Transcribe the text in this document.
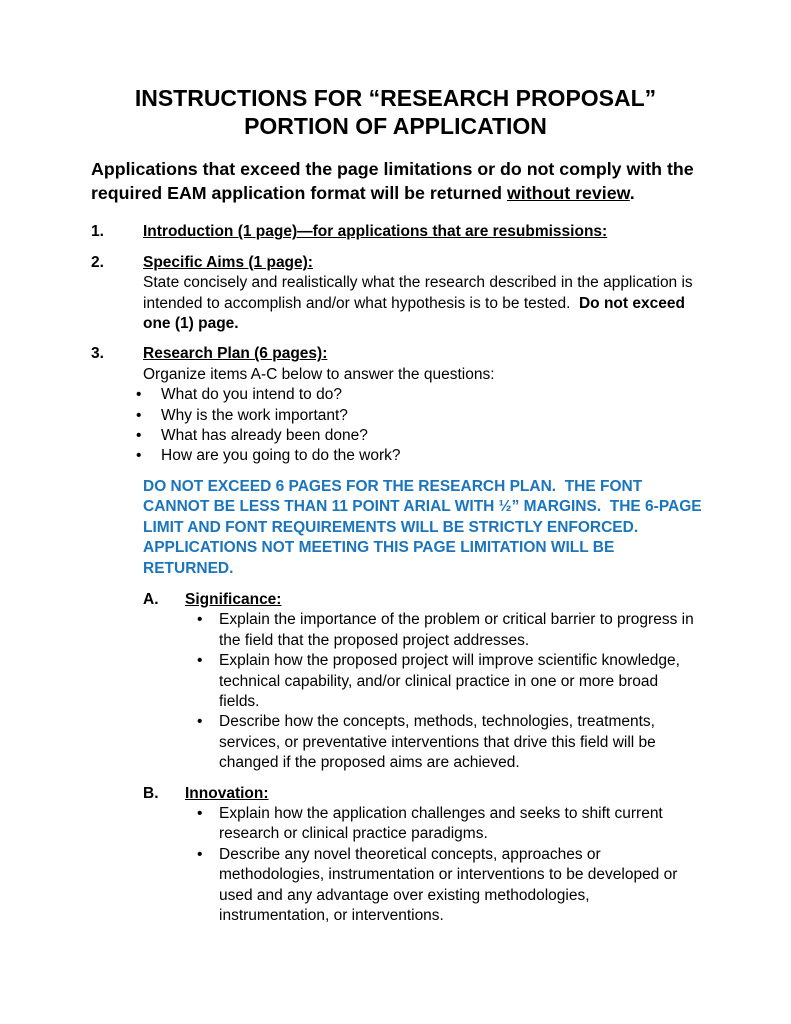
INSTRUCTIONS FOR “RESEARCH PROPOSAL”
PORTION OF APPLICATION

Applications that exceed the page limitations or do not comply with the required EAM application format will be returned without review.

1.	Introduction (1 page)—for applications that are resubmissions:
2.	Specific Aims (1 page):

State concisely and realistically what the research described in the application is intended to accomplish and/or what hypothesis is to be tested.  Do not exceed one (1) page.

3.	Research Plan (6 pages):

Organize items A-C below to answer the questions:

• What do you intend to do?
• Why is the work important?
• What has already been done?
• How are you going to do the work?

DO NOT EXCEED 6 PAGES FOR THE RESEARCH PLAN.  THE FONT CANNOT BE LESS THAN 11 POINT ARIAL WITH ½” MARGINS.  THE 6-PAGE LIMIT AND FONT REQUIREMENTS WILL BE STRICTLY ENFORCED.  APPLICATIONS NOT MEETING THIS PAGE LIMITATION WILL BE RETURNED.

A.	Significance:
• Explain the importance of the problem or critical barrier to progress in the field that the proposed project addresses.
• Explain how the proposed project will improve scientific knowledge, technical capability, and/or clinical practice in one or more broad fields.
• Describe how the concepts, methods, technologies, treatments, services, or preventative interventions that drive this field will be changed if the proposed aims are achieved.
B.	Innovation:
• Explain how the application challenges and seeks to shift current research or clinical practice paradigms.
• Describe any novel theoretical concepts, approaches or methodologies, instrumentation or interventions to be developed or used and any advantage over existing methodologies, instrumentation, or interventions.
